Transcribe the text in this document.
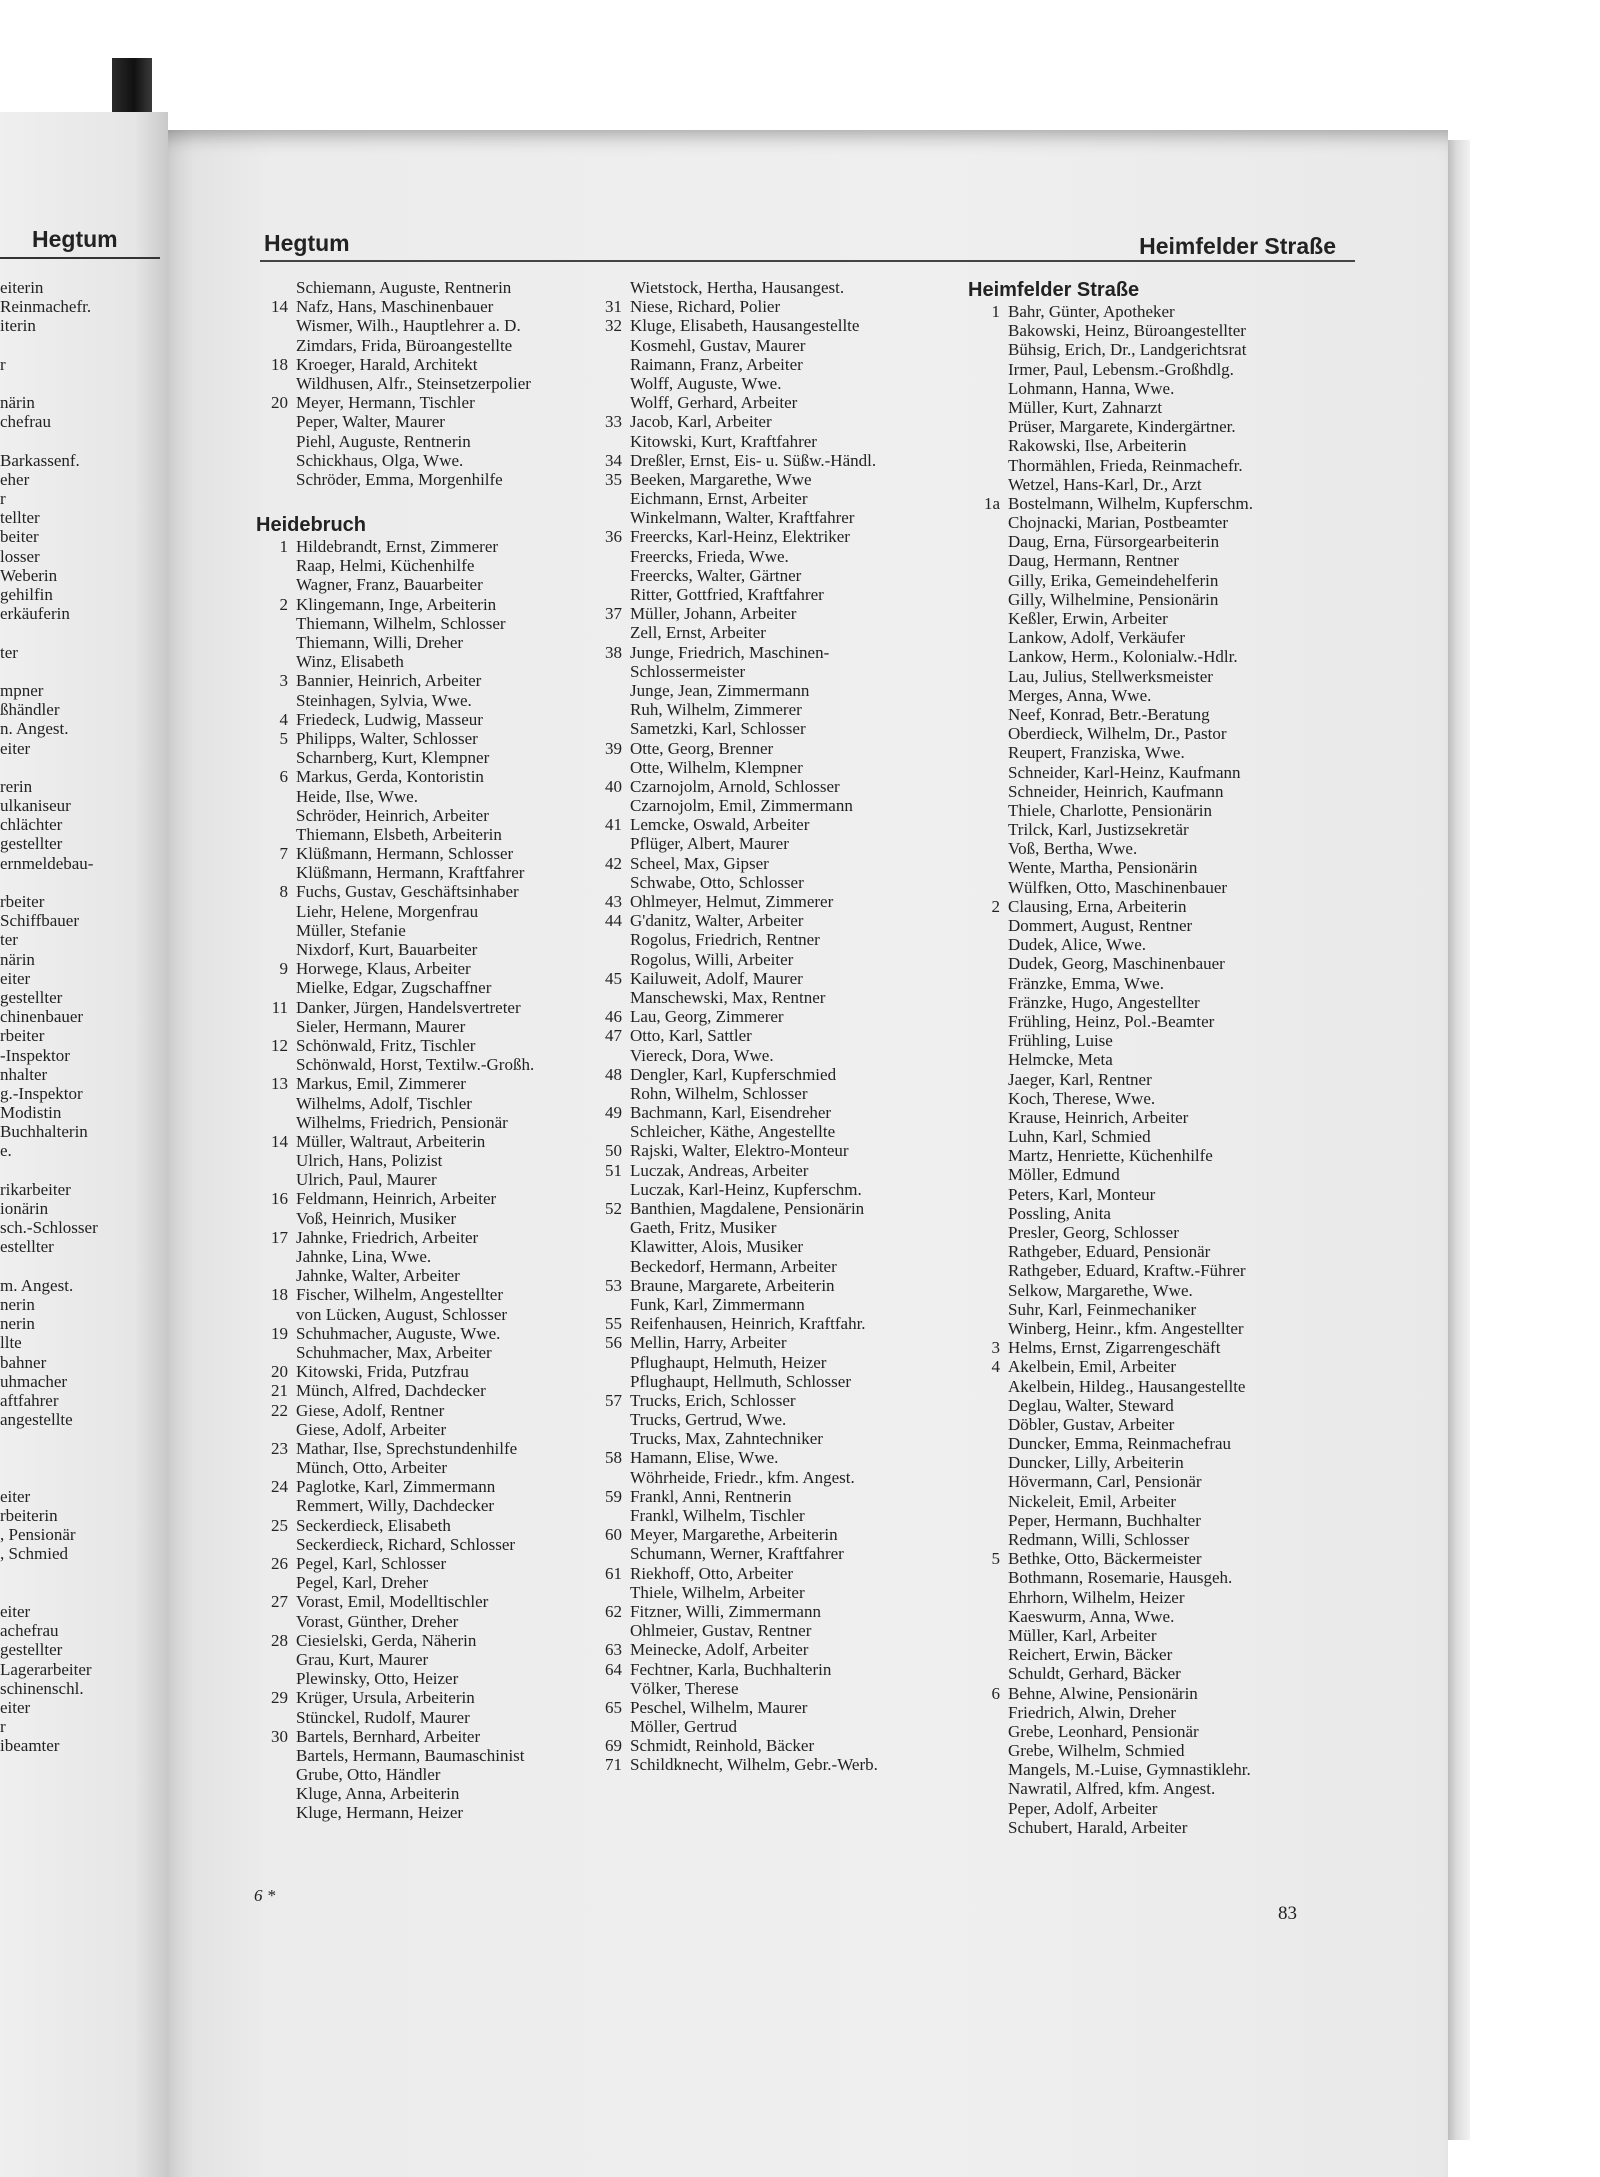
Hegtum
eiterin
Reinmachefr.
iterin
r
närin
chefrau
Barkassenf.
eher
r
tellter
beiter
losser
Weberin
gehilfin
erkäuferin
ter
mpner
ßhändler
n. Angest.
eiter
rerin
ulkaniseur
chlächter
gestellter
ernmeldebau-
rbeiter
Schiffbauer
ter
närin
eiter
gestellter
chinenbauer
rbeiter
-Inspektor
nhalter
g.-Inspektor
Modistin
Buchhalterin
e.
rikarbeiter
ionärin
sch.-Schlosser
estellter
m. Angest.
nerin
nerin
llte
bahner
uhmacher
aftfahrer
angestellte
eiter
rbeiterin
, Pensionär
, Schmied
eiter
achefrau
gestellter
Lagerarbeiter
schinenschl.
eiter
r
ibeamter
Hegtum	Heimfelder Straße
Schiemann, Auguste, Rentnerin
14 Nafz, Hans, Maschinenbauer
Wismer, Wilh., Hauptlehrer a. D.
Zimdars, Frida, Büroangestellte
18 Kroeger, Harald, Architekt
Wildhusen, Alfr., Steinsetzerpolier
20 Meyer, Hermann, Tischler
Peper, Walter, Maurer
Piehl, Auguste, Rentnerin
Schickhaus, Olga, Wwe.
Schröder, Emma, Morgenhilfe
Heidebruch
1 Hildebrandt, Ernst, Zimmerer
Raap, Helmi, Küchenhilfe
Wagner, Franz, Bauarbeiter
2 Klingemann, Inge, Arbeiterin
Thiemann, Wilhelm, Schlosser
Thiemann, Willi, Dreher
Winz, Elisabeth
3 Bannier, Heinrich, Arbeiter
Steinhagen, Sylvia, Wwe.
4 Friedeck, Ludwig, Masseur
5 Philipps, Walter, Schlosser
Scharnberg, Kurt, Klempner
6 Markus, Gerda, Kontoristin
Heide, Ilse, Wwe.
Schröder, Heinrich, Arbeiter
Thiemann, Elsbeth, Arbeiterin
7 Klüßmann, Hermann, Schlosser
Klüßmann, Hermann, Kraftfahrer
8 Fuchs, Gustav, Geschäftsinhaber
Liehr, Helene, Morgenfrau
Müller, Stefanie
Nixdorf, Kurt, Bauarbeiter
9 Horwege, Klaus, Arbeiter
Mielke, Edgar, Zugschaffner
11 Danker, Jürgen, Handelsvertreter
Sieler, Hermann, Maurer
12 Schönwald, Fritz, Tischler
Schönwald, Horst, Textilw.-Großh.
13 Markus, Emil, Zimmerer
Wilhelms, Adolf, Tischler
Wilhelms, Friedrich, Pensionär
14 Müller, Waltraut, Arbeiterin
Ulrich, Hans, Polizist
Ulrich, Paul, Maurer
16 Feldmann, Heinrich, Arbeiter
Voß, Heinrich, Musiker
17 Jahnke, Friedrich, Arbeiter
Jahnke, Lina, Wwe.
Jahnke, Walter, Arbeiter
18 Fischer, Wilhelm, Angestellter
von Lücken, August, Schlosser
19 Schuhmacher, Auguste, Wwe.
Schuhmacher, Max, Arbeiter
20 Kitowski, Frida, Putzfrau
21 Münch, Alfred, Dachdecker
22 Giese, Adolf, Rentner
Giese, Adolf, Arbeiter
23 Mathar, Ilse, Sprechstundenhilfe
Münch, Otto, Arbeiter
24 Paglotke, Karl, Zimmermann
Remmert, Willy, Dachdecker
25 Seckerdieck, Elisabeth
Seckerdieck, Richard, Schlosser
26 Pegel, Karl, Schlosser
Pegel, Karl, Dreher
27 Vorast, Emil, Modelltischler
Vorast, Günther, Dreher
28 Ciesielski, Gerda, Näherin
Grau, Kurt, Maurer
Plewinsky, Otto, Heizer
29 Krüger, Ursula, Arbeiterin
Stünckel, Rudolf, Maurer
30 Bartels, Bernhard, Arbeiter
Bartels, Hermann, Baumaschinist
Grube, Otto, Händler
Kluge, Anna, Arbeiterin
Kluge, Hermann, Heizer
Wietstock, Hertha, Hausangest.
31 Niese, Richard, Polier
32 Kluge, Elisabeth, Hausangestellte
Kosmehl, Gustav, Maurer
Raimann, Franz, Arbeiter
Wolff, Auguste, Wwe.
Wolff, Gerhard, Arbeiter
33 Jacob, Karl, Arbeiter
Kitowski, Kurt, Kraftfahrer
34 Dreßler, Ernst, Eis- u. Süßw.-Händl.
35 Beeken, Margarethe, Wwe
Eichmann, Ernst, Arbeiter
Winkelmann, Walter, Kraftfahrer
36 Freercks, Karl-Heinz, Elektriker
Freercks, Frieda, Wwe.
Freercks, Walter, Gärtner
Ritter, Gottfried, Kraftfahrer
37 Müller, Johann, Arbeiter
Zell, Ernst, Arbeiter
38 Junge, Friedrich, Maschinen-
Schlossermeister
Junge, Jean, Zimmermann
Ruh, Wilhelm, Zimmerer
Sametzki, Karl, Schlosser
39 Otte, Georg, Brenner
Otte, Wilhelm, Klempner
40 Czarnojolm, Arnold, Schlosser
Czarnojolm, Emil, Zimmermann
41 Lemcke, Oswald, Arbeiter
Pflüger, Albert, Maurer
42 Scheel, Max, Gipser
Schwabe, Otto, Schlosser
43 Ohlmeyer, Helmut, Zimmerer
44 G'danitz, Walter, Arbeiter
Rogolus, Friedrich, Rentner
Rogolus, Willi, Arbeiter
45 Kailuweit, Adolf, Maurer
Manschewski, Max, Rentner
46 Lau, Georg, Zimmerer
47 Otto, Karl, Sattler
Viereck, Dora, Wwe.
48 Dengler, Karl, Kupferschmied
Rohn, Wilhelm, Schlosser
49 Bachmann, Karl, Eisendreher
Schleicher, Käthe, Angestellte
50 Rajski, Walter, Elektro-Monteur
51 Luczak, Andreas, Arbeiter
Luczak, Karl-Heinz, Kupferschm.
52 Banthien, Magdalene, Pensionärin
Gaeth, Fritz, Musiker
Klawitter, Alois, Musiker
Beckedorf, Hermann, Arbeiter
53 Braune, Margarete, Arbeiterin
Funk, Karl, Zimmermann
55 Reifenhausen, Heinrich, Kraftfahr.
56 Mellin, Harry, Arbeiter
Pflughaupt, Helmuth, Heizer
Pflughaupt, Hellmuth, Schlosser
57 Trucks, Erich, Schlosser
Trucks, Gertrud, Wwe.
Trucks, Max, Zahntechniker
58 Hamann, Elise, Wwe.
Wöhrheide, Friedr., kfm. Angest.
59 Frankl, Anni, Rentnerin
Frankl, Wilhelm, Tischler
60 Meyer, Margarethe, Arbeiterin
Schumann, Werner, Kraftfahrer
61 Riekhoff, Otto, Arbeiter
Thiele, Wilhelm, Arbeiter
62 Fitzner, Willi, Zimmermann
Ohlmeier, Gustav, Rentner
63 Meinecke, Adolf, Arbeiter
64 Fechtner, Karla, Buchhalterin
Völker, Therese
65 Peschel, Wilhelm, Maurer
Möller, Gertrud
69 Schmidt, Reinhold, Bäcker
71 Schildknecht, Wilhelm, Gebr.-Werb.
Heimfelder Straße
1 Bahr, Günter, Apotheker
Bakowski, Heinz, Büroangestellter
Bühsig, Erich, Dr., Landgerichtsrat
Irmer, Paul, Lebensm.-Großhdlg.
Lohmann, Hanna, Wwe.
Müller, Kurt, Zahnarzt
Prüser, Margarete, Kindergärtner.
Rakowski, Ilse, Arbeiterin
Thormählen, Frieda, Reinmachefr.
Wetzel, Hans-Karl, Dr., Arzt
1a Bostelmann, Wilhelm, Kupferschm.
Chojnacki, Marian, Postbeamter
Daug, Erna, Fürsorgearbeiterin
Daug, Hermann, Rentner
Gilly, Erika, Gemeindehelferin
Gilly, Wilhelmine, Pensionärin
Keßler, Erwin, Arbeiter
Lankow, Adolf, Verkäufer
Lankow, Herm., Kolonialw.-Hdlr.
Lau, Julius, Stellwerksmeister
Merges, Anna, Wwe.
Neef, Konrad, Betr.-Beratung
Oberdieck, Wilhelm, Dr., Pastor
Reupert, Franziska, Wwe.
Schneider, Karl-Heinz, Kaufmann
Schneider, Heinrich, Kaufmann
Thiele, Charlotte, Pensionärin
Trilck, Karl, Justizsekretär
Voß, Bertha, Wwe.
Wente, Martha, Pensionärin
Wülfken, Otto, Maschinenbauer
2 Clausing, Erna, Arbeiterin
Dommert, August, Rentner
Dudek, Alice, Wwe.
Dudek, Georg, Maschinenbauer
Fränzke, Emma, Wwe.
Fränzke, Hugo, Angestellter
Frühling, Heinz, Pol.-Beamter
Frühling, Luise
Helmcke, Meta
Jaeger, Karl, Rentner
Koch, Therese, Wwe.
Krause, Heinrich, Arbeiter
Luhn, Karl, Schmied
Martz, Henriette, Küchenhilfe
Möller, Edmund
Peters, Karl, Monteur
Possling, Anita
Presler, Georg, Schlosser
Rathgeber, Eduard, Pensionär
Rathgeber, Eduard, Kraftw.-Führer
Selkow, Margarethe, Wwe.
Suhr, Karl, Feinmechaniker
Winberg, Heinr., kfm. Angestellter
3 Helms, Ernst, Zigarrengeschäft
4 Akelbein, Emil, Arbeiter
Akelbein, Hildeg., Hausangestellte
Deglau, Walter, Steward
Döbler, Gustav, Arbeiter
Duncker, Emma, Reinmachefrau
Duncker, Lilly, Arbeiterin
Hövermann, Carl, Pensionär
Nickeleit, Emil, Arbeiter
Peper, Hermann, Buchhalter
Redmann, Willi, Schlosser
5 Bethke, Otto, Bäckermeister
Bothmann, Rosemarie, Hausgeh.
Ehrhorn, Wilhelm, Heizer
Kaeswurm, Anna, Wwe.
Müller, Karl, Arbeiter
Reichert, Erwin, Bäcker
Schuldt, Gerhard, Bäcker
6 Behne, Alwine, Pensionärin
Friedrich, Alwin, Dreher
Grebe, Leonhard, Pensionär
Grebe, Wilhelm, Schmied
Mangels, M.-Luise, Gymnastiklehr.
Nawratil, Alfred, kfm. Angest.
Peper, Adolf, Arbeiter
Schubert, Harald, Arbeiter
6 *
83
